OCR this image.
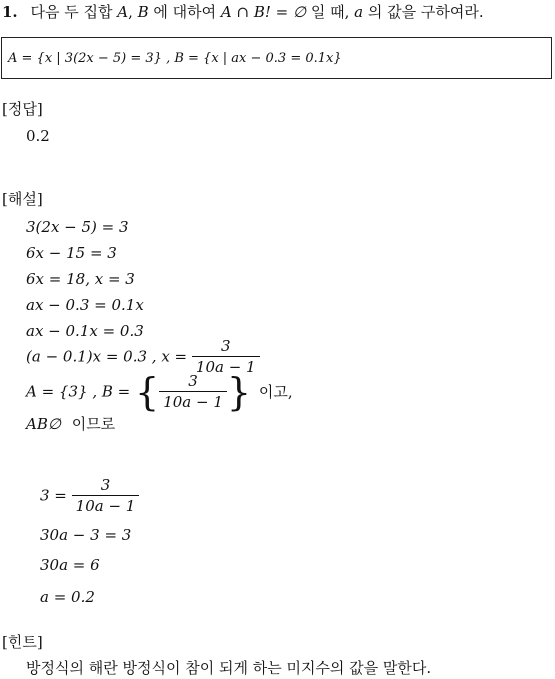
1. 다음 두 집합 A, B 에 대하여 A ∩ B! = ∅ 일 때, a 의 값을 구하여라.
A = {x | 3(2x − 5) = 3} , B = {x | ax − 0.3 = 0.1x}
[정답]
0.2
[해설]
3(2x − 5) = 3
6x − 15 = 3
6x = 18, x = 3
ax − 0.3 = 0.1x
ax − 0.1x = 0.3
(a − 0.1)x = 0.3 , $x = \frac{3}{10a - 1}$
A = {3} , B = { $\frac{3}{10a - 1}$ } 이고,
AB∅ 이므로
$3 = \frac{3}{10a - 1}$
30a − 3 = 3
30a = 6
a = 0.2
[힌트]
방정식의 해란 방정식이 참이 되게 하는 미지수의 값을 말한다.
